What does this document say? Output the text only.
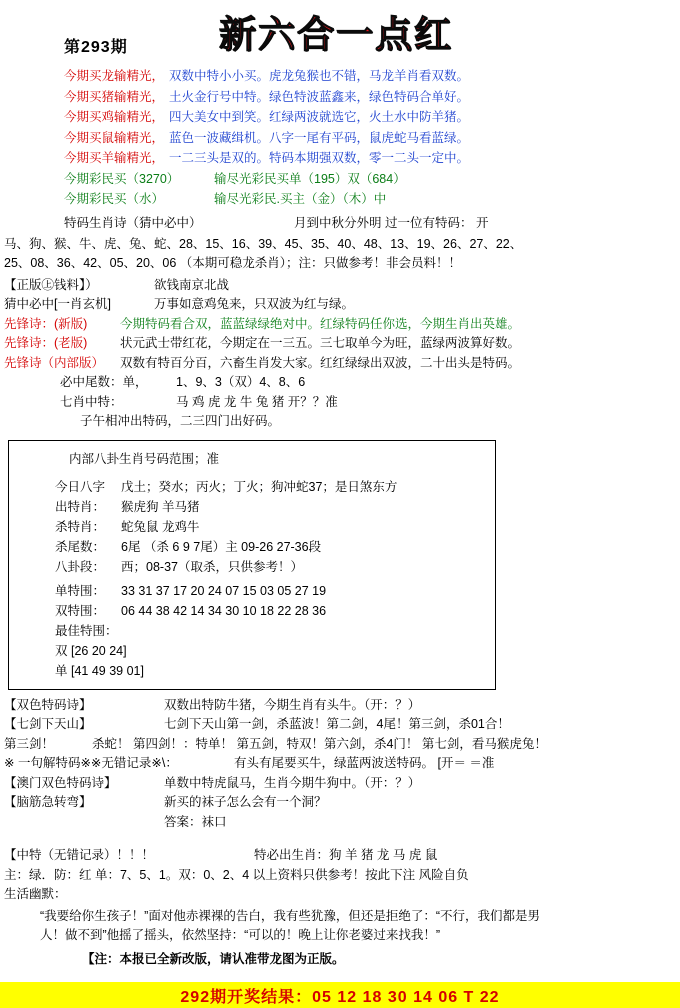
第293期 新六合一点红
今期买龙输精光， 双数中特小小买。虎龙兔猴也不错，马龙羊肖看双数。
今期买猪输精光， 土火金行号中特。绿色特波蓝鑫来，绿色特码合单好。
今期买鸡输精光， 四大美女中到笑。红绿两波就选它，火土水中防羊猪。
今期买鼠输精光， 蓝色一波藏缉机。八字一尾有平码，鼠虎蛇马看蓝绿。
今期买羊输精光， 一二三头是双的。特码本期强双数，零一二头一定中。
今期彩民买（3270）	输尽光彩民买单（195）双（684）
今期彩民买（水）	输尽光彩民.买主（金）（木）中
特码生肖诗（猜中必中）	月到中秋分外明 过一位有特码： 开
马、狗、猴、牛、虎、兔、蛇、28、15、16、39、45、35、40、48、13、19、26、27、22、
25、08、36、42、05、20、06 （本期可稳龙杀肖）；注：只做参考！非会员料！！
【正版㊤钱料】）	欲钱南京北战
猜中必中[一肖玄机]	万事如意鸡兔来，只双波为红与绿。
先锋诗：(新版)	今期特码看合双，蓝蓝绿绿绝对中。红绿特码任你选，今期生肖出英雄。
先锋诗：(老版)	状元武士带红花，今期定在一三五。三七取单今为旺，蓝绿两波算好数。
先锋诗（内部版）	双数有特百分百，六畜生肖发大家。红红绿绿出双波，二十出头是特码。
必中尾数：单，	1、9、3（双）4、8、6
七肖中特：	马 鸡 虎 龙 牛 兔 猪 开？？准
子午相冲出特码，二三四门出好码。
内部八卦生肖号码范围；准
今日八字	戊土；癸水；丙火；丁火；狗冲蛇37；是日煞东方
出特肖：	猴虎狗 羊马猪
杀特肖：	蛇兔鼠 龙鸡牛
杀尾数：	6尾 （杀 6 9 7尾）主 09-26 27-36段
八卦段：	西；08-37（取杀，只供参考！）
单特围：	33 31 37 17 20 24 07 15 03 05 27 19
双特围：	06 44 38 42 14 34 30 10 18 22 28 36
最佳特围：
双 [26 20 24]
单 [41 49 39 01]
【双色特码诗】	双数出特防牛猪，今期生肖有头牛。（开：？）
【七剑下天山】	七剑下天山第一剑，杀蓝波！第二剑，4尾！第三剑，杀01合！
第三剑！	杀蛇！ 第四剑！：特单！ 第五剑，特双！第六剑，杀4门！ 第七剑，看马猴虎兔！
※ 一句解特码※※无错记录※\：	有头有尾要买牛，绿蓝两波送特码。 [开＝ ＝准
【澳门双色特码诗】	单数中特虎鼠马，生肖今期牛狗中。（开：？）
【脑筋急转弯】	新买的袜子怎么会有一个洞？
答案：袜口
【中特（无错记录）！！！	特必出生肖：狗 羊 猪 龙 马 虎 鼠
主：绿．防：红 单：7、5、1。双：0、2、4 以上资料只供参考！按此下注 风险自负
生活幽默：
“我要给你生孩子！”面对他赤裸裸的告白，我有些犹豫，但还是拒绝了：“不行，我们都是男
人！做不到”他摇了摇头，依然坚持：“可以的！晚上让你老婆过来找我！”
【注：本报已全新改版，请认准带龙图为正版。
292期开奖结果：05 12 18 30 14 06 T 22
